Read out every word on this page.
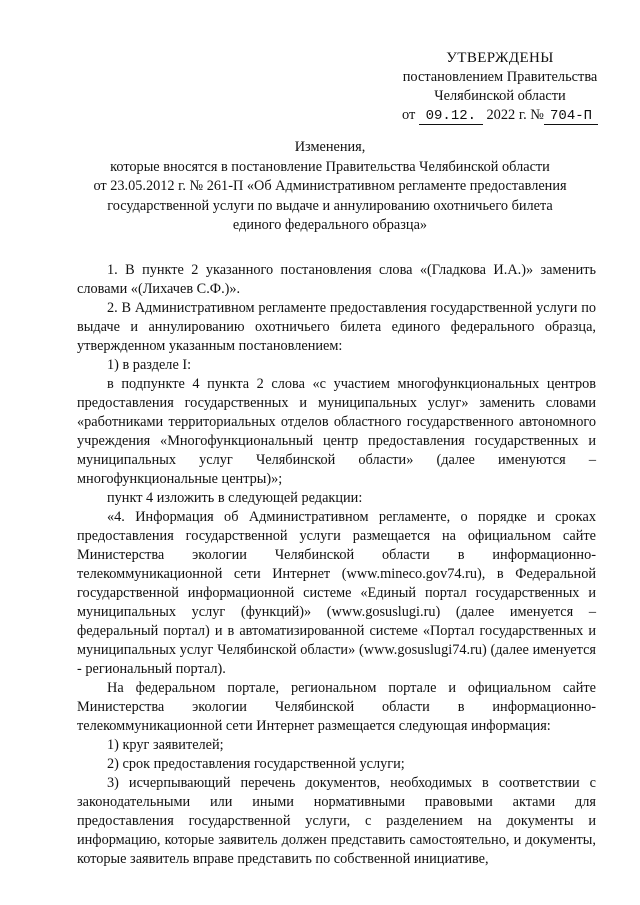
УТВЕРЖДЕНЫ
постановлением Правительства
Челябинской области
от 09.12. 2022 г. № 704-П
Изменения,
которые вносятся в постановление Правительства Челябинской области
от 23.05.2012 г. № 261-П «Об Административном регламенте предоставления
государственной услуги по выдаче и аннулированию охотничьего билета
единого федерального образца»

1. В пункте 2 указанного постановления слова «(Гладкова И.А.)» заменить словами «(Лихачев С.Ф.)».

2. В Административном регламенте предоставления государственной услуги по выдаче и аннулированию охотничьего билета единого федерального образца, утвержденном указанным постановлением:

1) в разделе I:

в подпункте 4 пункта 2 слова «с участием многофункциональных центров предоставления государственных и муниципальных услуг» заменить словами «работниками территориальных отделов областного государственного автономного учреждения «Многофункциональный центр предоставления государственных и муниципальных услуг Челябинской области» (далее именуются – многофункциональные центры)»;

пункт 4 изложить в следующей редакции:

«4. Информация об Административном регламенте, о порядке и сроках предоставления государственной услуги размещается на официальном сайте Министерства экологии Челябинской области в информационно-телекоммуникационной сети Интернет (www.mineco.gov74.ru), в Федеральной государственной информационной системе «Единый портал государственных и муниципальных услуг (функций)» (www.gosuslugi.ru) (далее именуется – федеральный портал) и в автоматизированной системе «Портал государственных и муниципальных услуг Челябинской области» (www.gosuslugi74.ru) (далее именуется - региональный портал).

На федеральном портале, региональном портале и официальном сайте Министерства экологии Челябинской области в информационно-телекоммуникационной сети Интернет размещается следующая информация:

1) круг заявителей;

2) срок предоставления государственной услуги;

3) исчерпывающий перечень документов, необходимых в соответствии с законодательными или иными нормативными правовыми актами для предоставления государственной услуги, с разделением на документы и информацию, которые заявитель должен представить самостоятельно, и документы, которые заявитель вправе представить по собственной инициативе,
